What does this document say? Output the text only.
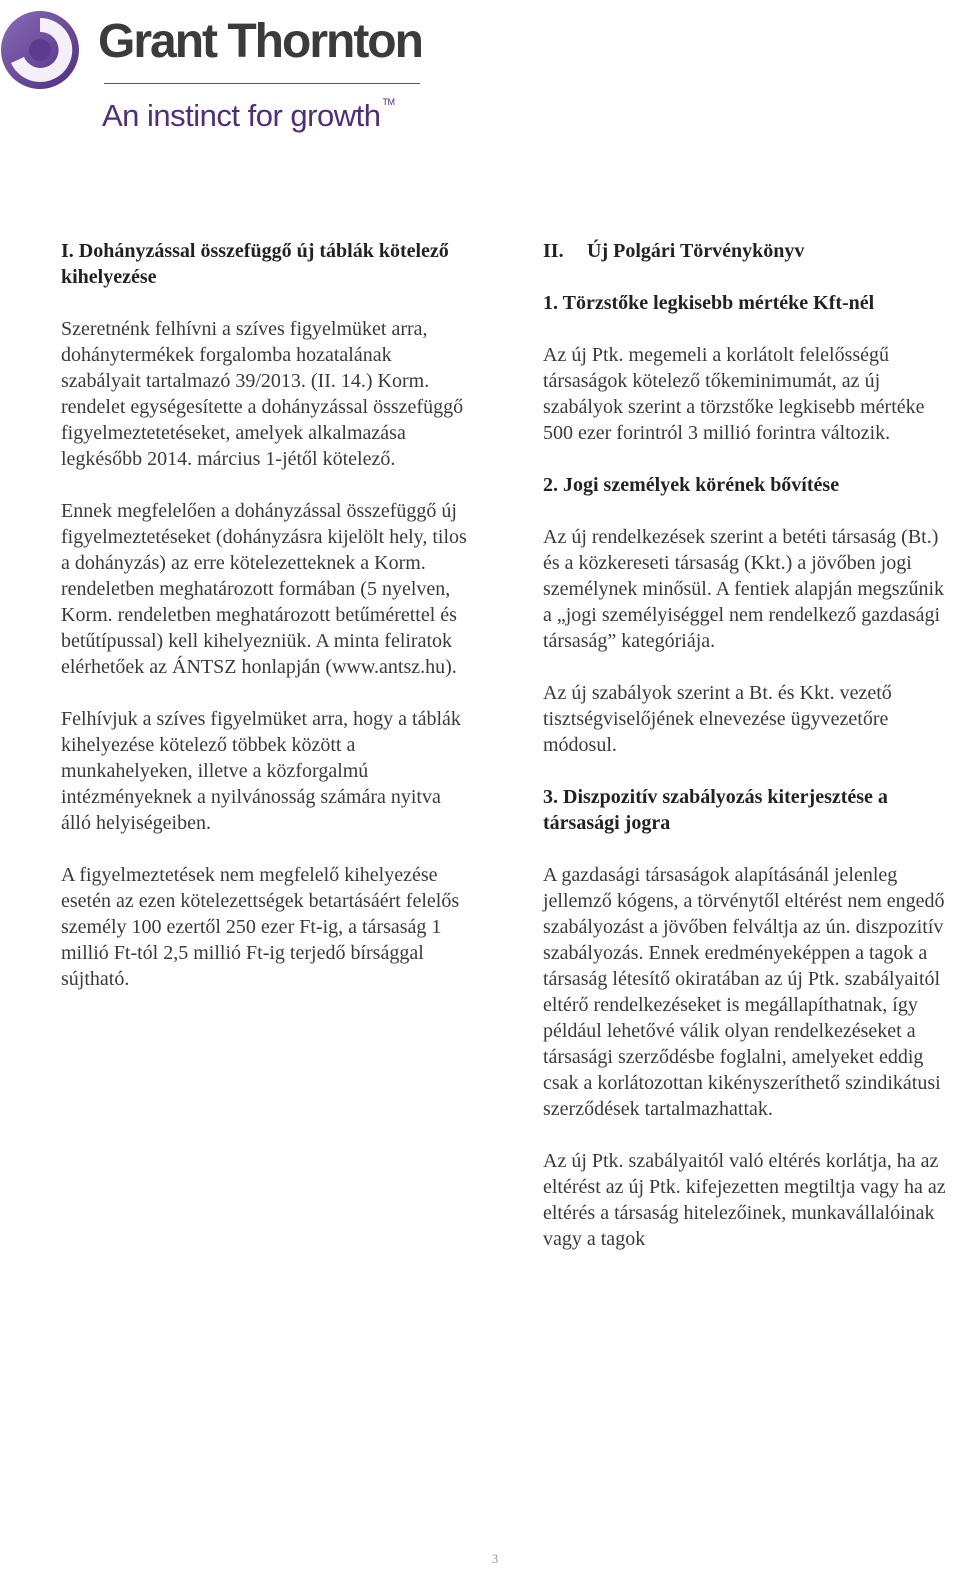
Grant Thornton
An instinct for growth ™
I. Dohányzással összefüggő új táblák kötelező kihelyezése

Szeretnénk felhívni a szíves figyelmüket arra, dohánytermékek forgalomba hozatalának szabályait tartalmazó 39/2013. (II. 14.) Korm. rendelet egységesítette a dohányzással összefüggő figyelmeztetetéseket, amelyek alkalmazása legkésőbb 2014. március 1-jétől kötelező.

Ennek megfelelően a dohányzással összefüggő új figyelmeztetéseket (dohányzásra kijelölt hely, tilos a dohányzás) az erre kötelezetteknek a Korm. rendeletben meghatározott formában (5 nyelven, Korm. rendeletben meghatározott betűmérettel és betűtípussal) kell kihelyezniük. A minta feliratok elérhetőek az ÁNTSZ honlapján (www.antsz.hu).

Felhívjuk a szíves figyelmüket arra, hogy a táblák kihelyezése kötelező többek között a munkahelyeken, illetve a közforgalmú intézményeknek a nyilvánosság számára nyitva álló helyiségeiben.

A figyelmeztetések nem megfelelő kihelyezése esetén az ezen kötelezettségek betartásáért felelős személy 100 ezertől 250 ezer Ft-ig, a társaság 1 millió Ft-tól 2,5 millió Ft-ig terjedő bírsággal sújtható.

II. Új Polgári Törvénykönyv
1. Törzstőke legkisebb mértéke Kft-nél

Az új Ptk. megemeli a korlátolt felelősségű társaságok kötelező tőkeminimumát, az új szabályok szerint a törzstőke legkisebb mértéke 500 ezer forintról 3 millió forintra változik.

2. Jogi személyek körének bővítése

Az új rendelkezések szerint a betéti társaság (Bt.) és a közkereseti társaság (Kkt.) a jövőben jogi személynek minősül. A fentiek alapján megszűnik a „jogi személyiséggel nem rendelkező gazdasági társaság” kategóriája.

Az új szabályok szerint a Bt. és Kkt. vezető tisztségviselőjének elnevezése ügyvezetőre módosul.

3. Diszpozitív szabályozás kiterjesztése a társasági jogra

A gazdasági társaságok alapításánál jelenleg jellemző kógens, a törvénytől eltérést nem engedő szabályozást a jövőben felváltja az ún. diszpozitív szabályozás. Ennek eredményeképpen a tagok a társaság létesítő okiratában az új Ptk. szabályaitól eltérő rendelkezéseket is megállapíthatnak, így például lehetővé válik olyan rendelkezéseket a társasági szerződésbe foglalni, amelyeket eddig csak a korlátozottan kikényszeríthető szindikátusi szerződések tartalmazhattak.

Az új Ptk. szabályaitól való eltérés korlátja, ha az eltérést az új Ptk. kifejezetten megtiltja vagy ha az eltérés a társaság hitelezőinek, munkavállalóinak vagy a tagok

3
